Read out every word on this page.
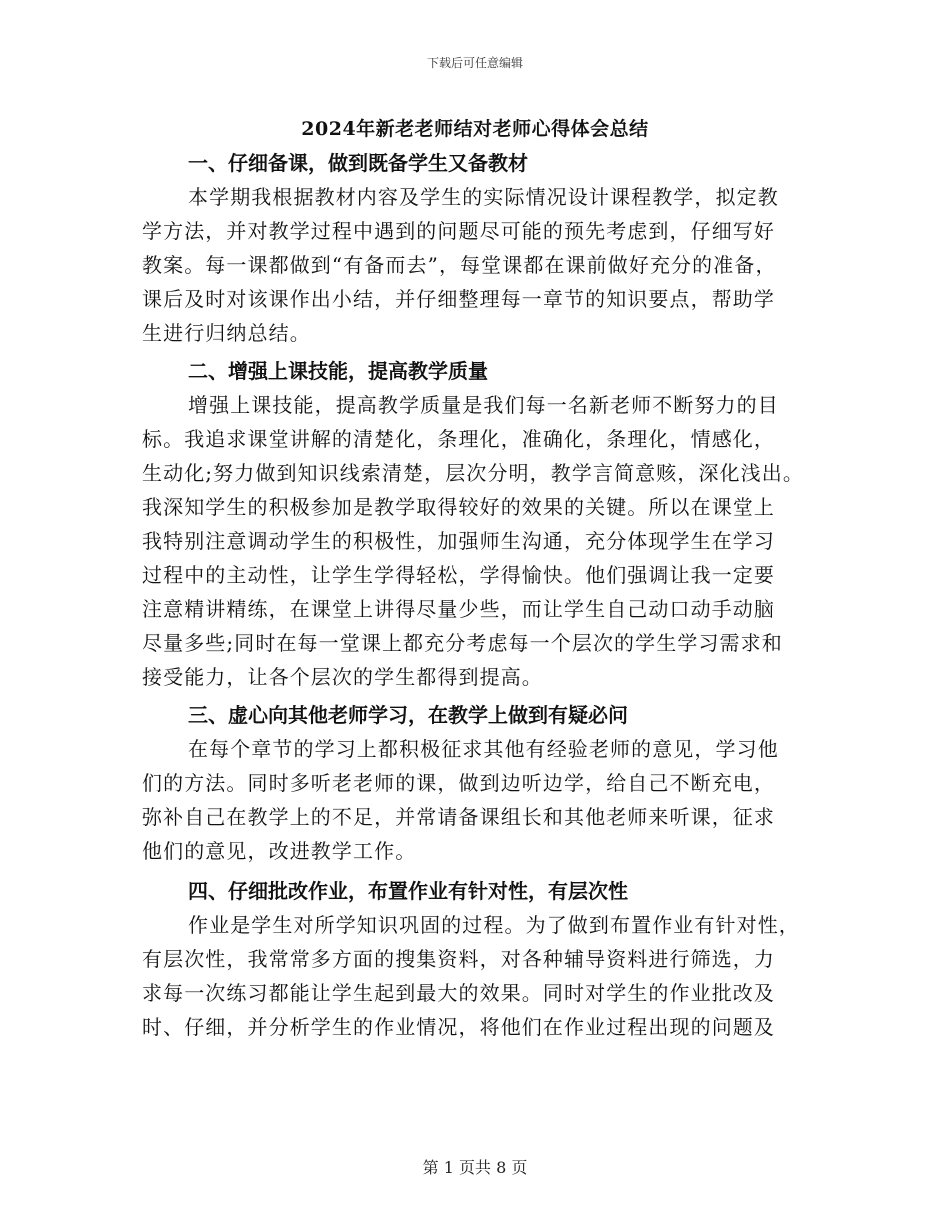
下载后可任意编辑
2024年新老老师结对老师心得体会总结
一、仔细备课，做到既备学生又备教材

本学期我根据教材内容及学生的实际情况设计课程教学，拟定教
学方法，并对教学过程中遇到的问题尽可能的预先考虑到，仔细写好
教案。每一课都做到“有备而去”，每堂课都在课前做好充分的准备，
课后及时对该课作出小结，并仔细整理每一章节的知识要点，帮助学
生进行归纳总结。

二、增强上课技能，提高教学质量

增强上课技能，提高教学质量是我们每一名新老师不断努力的目
标。我追求课堂讲解的清楚化，条理化，准确化，条理化，情感化，
生动化;努力做到知识线索清楚，层次分明，教学言简意赅，深化浅出。
我深知学生的积极参加是教学取得较好的效果的关键。所以在课堂上
我特别注意调动学生的积极性，加强师生沟通，充分体现学生在学习
过程中的主动性，让学生学得轻松，学得愉快。他们强调让我一定要
注意精讲精练，在课堂上讲得尽量少些，而让学生自己动口动手动脑
尽量多些;同时在每一堂课上都充分考虑每一个层次的学生学习需求和
接受能力，让各个层次的学生都得到提高。

三、虚心向其他老师学习，在教学上做到有疑必问

在每个章节的学习上都积极征求其他有经验老师的意见，学习他
们的方法。同时多听老老师的课，做到边听边学，给自己不断充电，
弥补自己在教学上的不足，并常请备课组长和其他老师来听课，征求
他们的意见，改进教学工作。

四、仔细批改作业，布置作业有针对性，有层次性

作业是学生对所学知识巩固的过程。为了做到布置作业有针对性，
有层次性，我常常多方面的搜集资料，对各种辅导资料进行筛选，力
求每一次练习都能让学生起到最大的效果。同时对学生的作业批改及
时、仔细，并分析学生的作业情况，将他们在作业过程出现的问题及

第 1 页共 8 页
